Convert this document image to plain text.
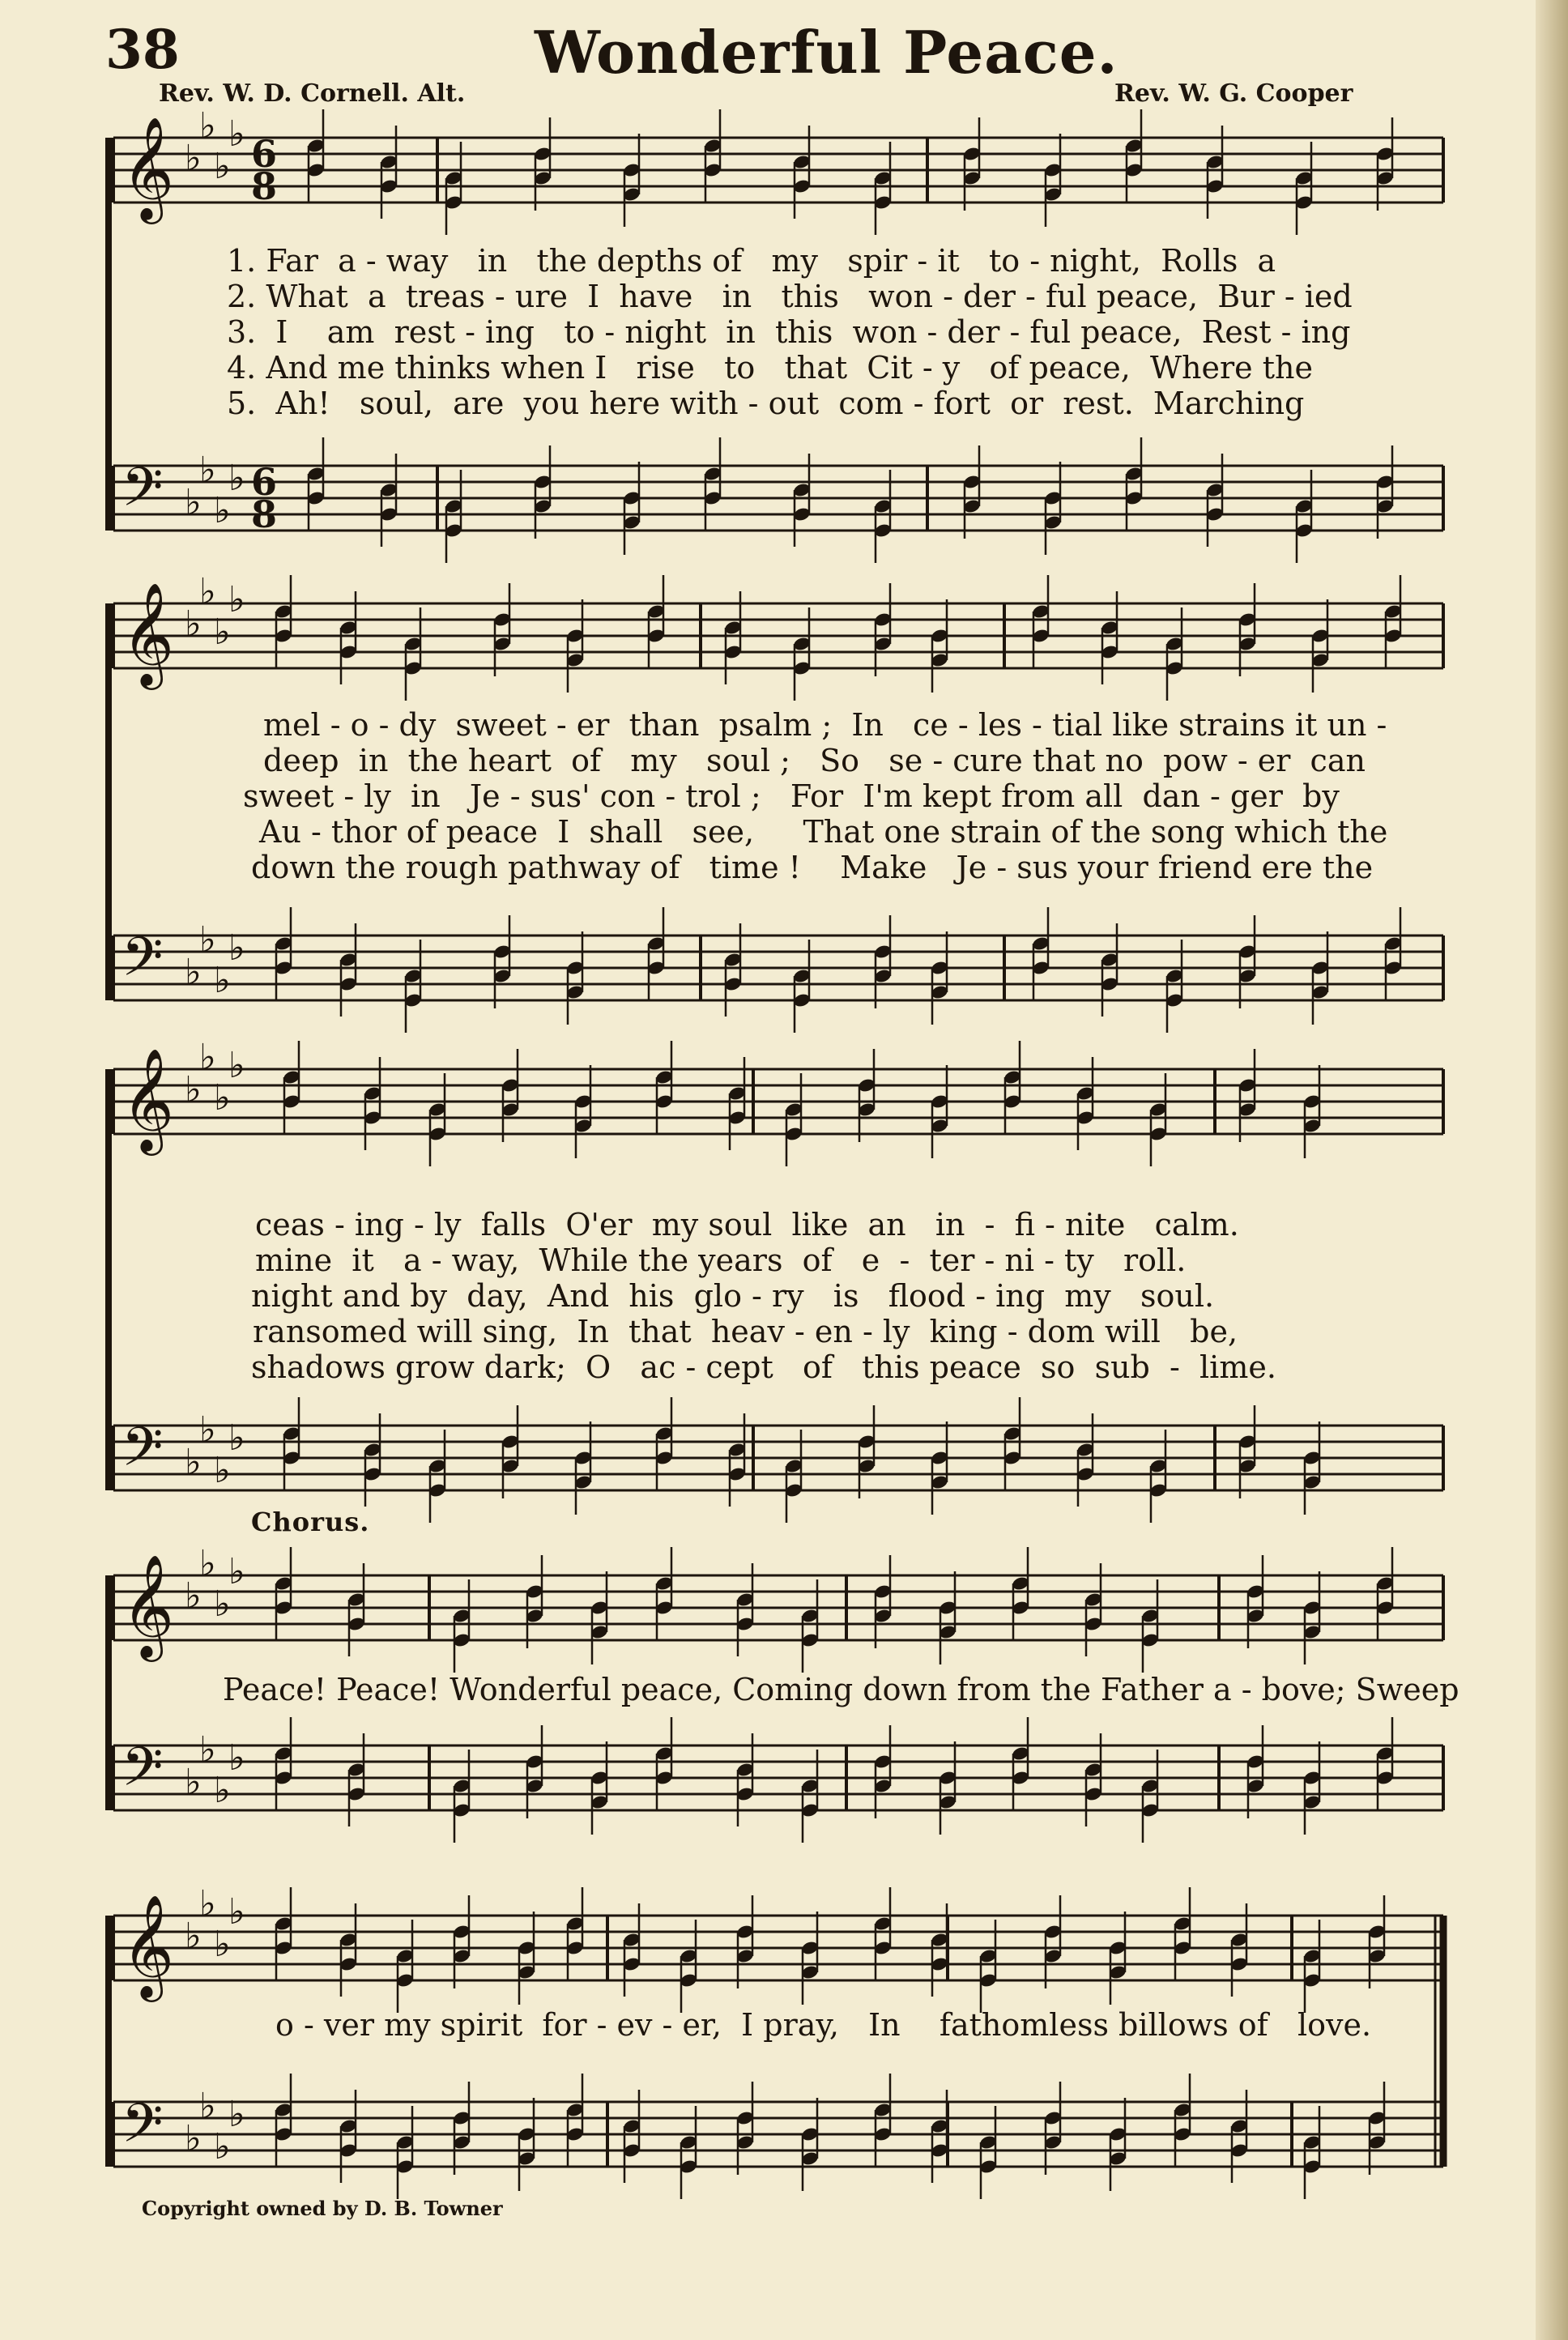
38	Wonderful Peace.
Rev. W. D. Cornell. Alt.	Rev. W. G. Cooper
6
8
6
8
𝄞 ♭
♭
♭
♭
𝄢 ♭
♭
♭
♭
𝄞 ♭
♭
♭
♭
𝄢 ♭
♭
♭
♭
𝄞 ♭
♭
♭
♭
𝄢 ♭
♭
♭
♭
𝄞 ♭
♭
♭
♭
𝄢 ♭
♭
♭
♭
𝄞 ♭
♭
♭
♭
𝄢 ♭
♭
♭
♭
1. Far  a - way   in   the depths of   my   spir - it   to - night,  Rolls  a
2. What  a  treas - ure  I  have   in   this   won - der - ful peace,  Bur - ied
3.  I    am  rest - ing   to - night  in  this  won - der - ful peace,  Rest - ing
4. And me thinks when I   rise   to   that  Cit - y   of peace,  Where the
5.  Ah!   soul,  are  you here with - out  com - fort  or  rest.  Marching
mel - o - dy  sweet - er  than  psalm ;  In   ce - les - tial like strains it un -
deep  in  the heart  of   my   soul ;   So   se - cure that no  pow - er  can
sweet - ly  in   Je - sus' con - trol ;   For  I'm kept from all  dan - ger  by
Au - thor of peace  I  shall   see,     That one strain of the song which the
down the rough pathway of   time !    Make   Je - sus your friend ere the
ceas - ing - ly  falls  O'er  my soul  like  an   in  -  fi - nite   calm.
mine  it   a - way,  While the years  of   e  -  ter - ni - ty   roll.
night and by  day,  And  his  glo - ry   is   flood - ing  my   soul.
ransomed will sing,  In  that  heav - en - ly  king - dom will   be,
shadows grow dark;  O   ac - cept   of   this peace  so  sub  -  lime.
Chorus.
Peace! Peace! Wonderful peace, Coming down from the Father a - bove; Sweep
o - ver my spirit  for - ev - er,  I pray,   In    fathomless billows of   love.
Copyright owned by D. B. Towner
